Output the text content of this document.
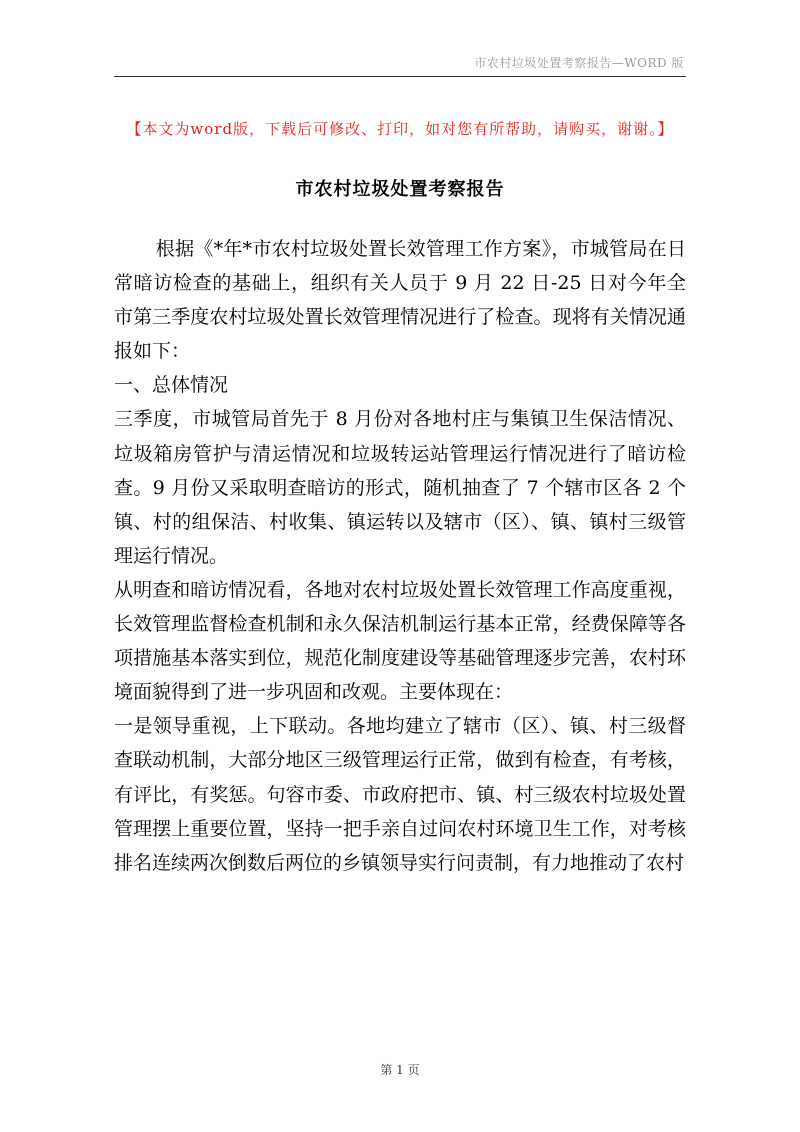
市农村垃圾处置考察报告—WORD 版
【本文为word版，下载后可修改、打印，如对您有所帮助，请购买，谢谢。】
市农村垃圾处置考察报告

根据《*年*市农村垃圾处置长效管理工作方案》，市城管局在日常暗访检查的基础上，组织有关人员于 9 月 22 日-25 日对今年全市第三季度农村垃圾处置长效管理情况进行了检查。现将有关情况通报如下：

一、总体情况

三季度，市城管局首先于 8 月份对各地村庄与集镇卫生保洁情况、垃圾箱房管护与清运情况和垃圾转运站管理运行情况进行了暗访检查。9 月份又采取明查暗访的形式，随机抽查了 7 个辖市区各 2 个镇、村的组保洁、村收集、镇运转以及辖市（区）、镇、镇村三级管理运行情况。

从明查和暗访情况看，各地对农村垃圾处置长效管理工作高度重视，长效管理监督检查机制和永久保洁机制运行基本正常，经费保障等各项措施基本落实到位，规范化制度建设等基础管理逐步完善，农村环境面貌得到了进一步巩固和改观。主要体现在：

一是领导重视，上下联动。各地均建立了辖市（区）、镇、村三级督查联动机制，大部分地区三级管理运行正常，做到有检查，有考核，有评比，有奖惩。句容市委、市政府把市、镇、村三级农村垃圾处置管理摆上重要位置，坚持一把手亲自过问农村环境卫生工作，对考核排名连续两次倒数后两位的乡镇领导实行问责制，有力地推动了农村

第 1 页
